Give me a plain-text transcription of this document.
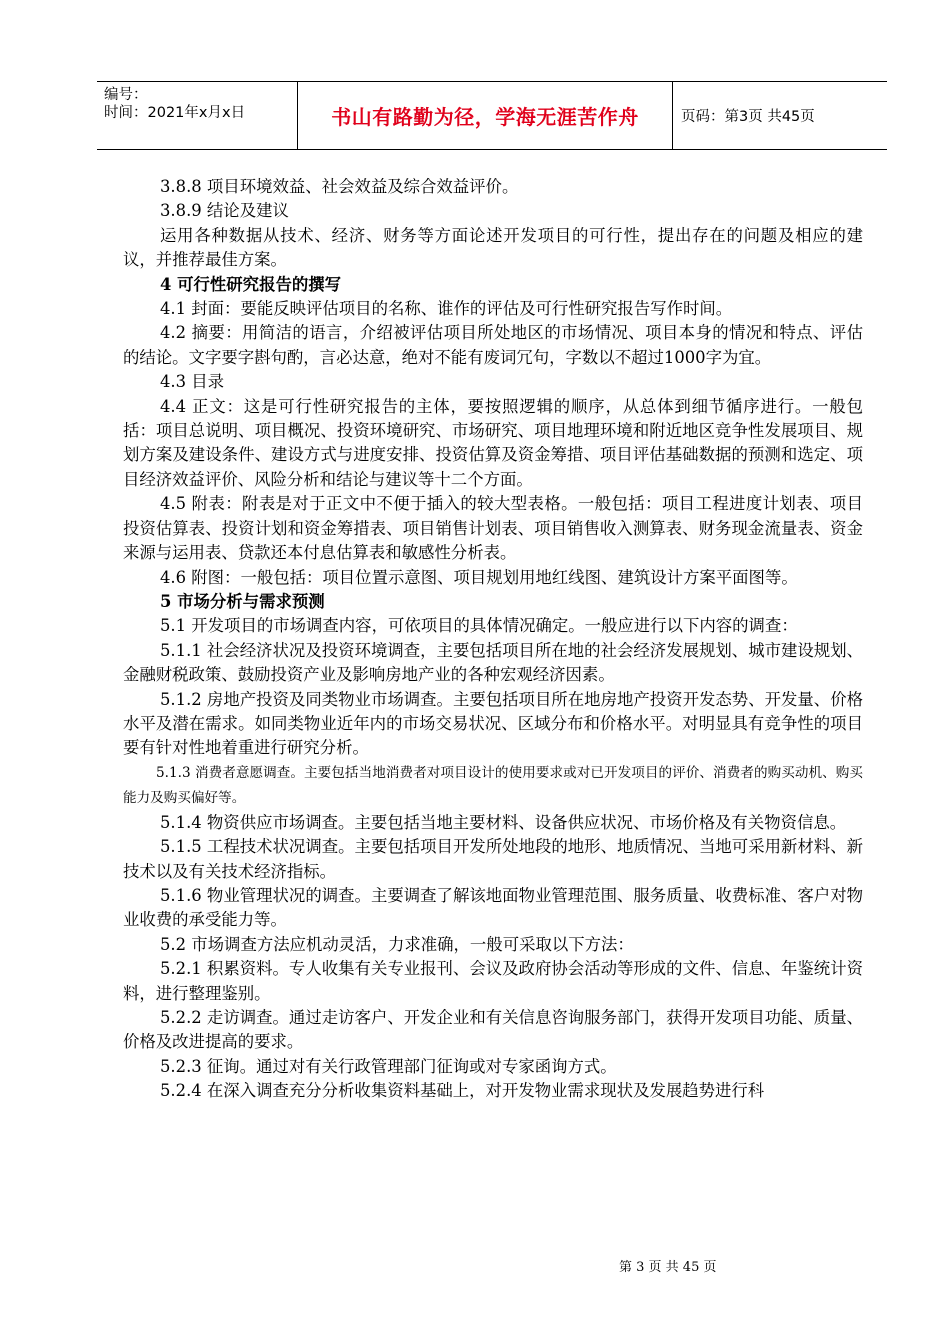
编号：
时间：2021年x月x日	书山有路勤为径，学海无涯苦作舟	页码：第3页 共45页

3.8.8 项目环境效益、社会效益及综合效益评价。

3.8.9 结论及建议

运用各种数据从技术、经济、财务等方面论述开发项目的可行性，提出存在的问题及相应的建议，并推荐最佳方案。

4 可行性研究报告的撰写

4.1 封面：要能反映评估项目的名称、谁作的评估及可行性研究报告写作时间。

4.2 摘要：用简洁的语言，介绍被评估项目所处地区的市场情况、项目本身的情况和特点、评估的结论。文字要字斟句酌，言必达意，绝对不能有废词冗句，字数以不超过1000字为宜。

4.3 目录

4.4 正文：这是可行性研究报告的主体，要按照逻辑的顺序，从总体到细节循序进行。一般包括：项目总说明、项目概况、投资环境研究、市场研究、项目地理环境和附近地区竞争性发展项目、规划方案及建设条件、建设方式与进度安排、投资估算及资金筹措、项目评估基础数据的预测和选定、项目经济效益评价、风险分析和结论与建议等十二个方面。

4.5 附表：附表是对于正文中不便于插入的较大型表格。一般包括：项目工程进度计划表、项目投资估算表、投资计划和资金筹措表、项目销售计划表、项目销售收入测算表、财务现金流量表、资金来源与运用表、贷款还本付息估算表和敏感性分析表。

4.6 附图：一般包括：项目位置示意图、项目规划用地红线图、建筑设计方案平面图等。

5 市场分析与需求预测

5.1 开发项目的市场调查内容，可依项目的具体情况确定。一般应进行以下内容的调查：

5.1.1 社会经济状况及投资环境调查，主要包括项目所在地的社会经济发展规划、城市建设规划、金融财税政策、鼓励投资产业及影响房地产业的各种宏观经济因素。

5.1.2 房地产投资及同类物业市场调查。主要包括项目所在地房地产投资开发态势、开发量、价格水平及潜在需求。如同类物业近年内的市场交易状况、区域分布和价格水平。对明显具有竞争性的项目要有针对性地着重进行研究分析。

5.1.3 消费者意愿调查。主要包括当地消费者对项目设计的使用要求或对已开发项目的评价、消费者的购买动机、购买能力及购买偏好等。

5.1.4 物资供应市场调查。主要包括当地主要材料、设备供应状况、市场价格及有关物资信息。

5.1.5 工程技术状况调查。主要包括项目开发所处地段的地形、地质情况、当地可采用新材料、新技术以及有关技术经济指标。

5.1.6 物业管理状况的调查。主要调查了解该地面物业管理范围、服务质量、收费标准、客户对物业收费的承受能力等。

5.2 市场调查方法应机动灵活，力求准确，一般可采取以下方法：

5.2.1 积累资料。专人收集有关专业报刊、会议及政府协会活动等形成的文件、信息、年鉴统计资料，进行整理鉴别。

5.2.2 走访调查。通过走访客户、开发企业和有关信息咨询服务部门，获得开发项目功能、质量、价格及改进提高的要求。

5.2.3 征询。通过对有关行政管理部门征询或对专家函询方式。

5.2.4 在深入调查充分分析收集资料基础上，对开发物业需求现状及发展趋势进行科

第 3 页 共 45 页
